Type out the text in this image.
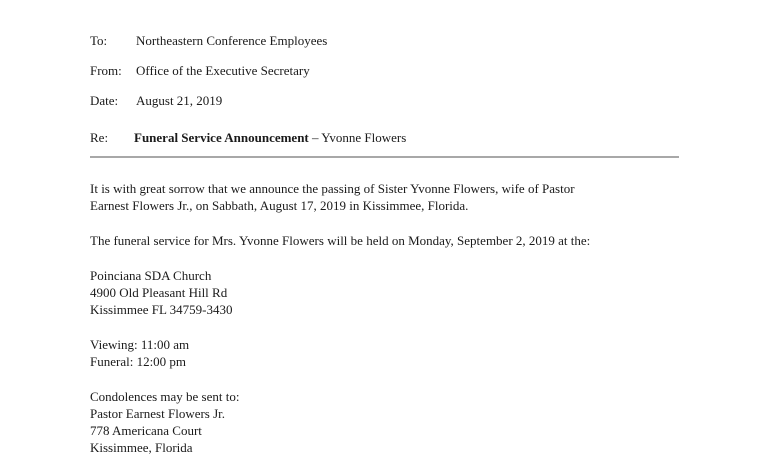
To: Northeastern Conference Employees
From: Office of the Executive Secretary
Date: August 21, 2019
Re: Funeral Service Announcement – Yvonne Flowers
It is with great sorrow that we announce the passing of Sister Yvonne Flowers, wife of Pastor
Earnest Flowers Jr., on Sabbath, August 17, 2019 in Kissimmee, Florida.
The funeral service for Mrs. Yvonne Flowers will be held on Monday, September 2, 2019 at the:
Poinciana SDA Church
4900 Old Pleasant Hill Rd
Kissimmee FL 34759-3430
Viewing: 11:00 am
Funeral: 12:00 pm
Condolences may be sent to:
Pastor Earnest Flowers Jr.
778 Americana Court
Kissimmee, Florida
